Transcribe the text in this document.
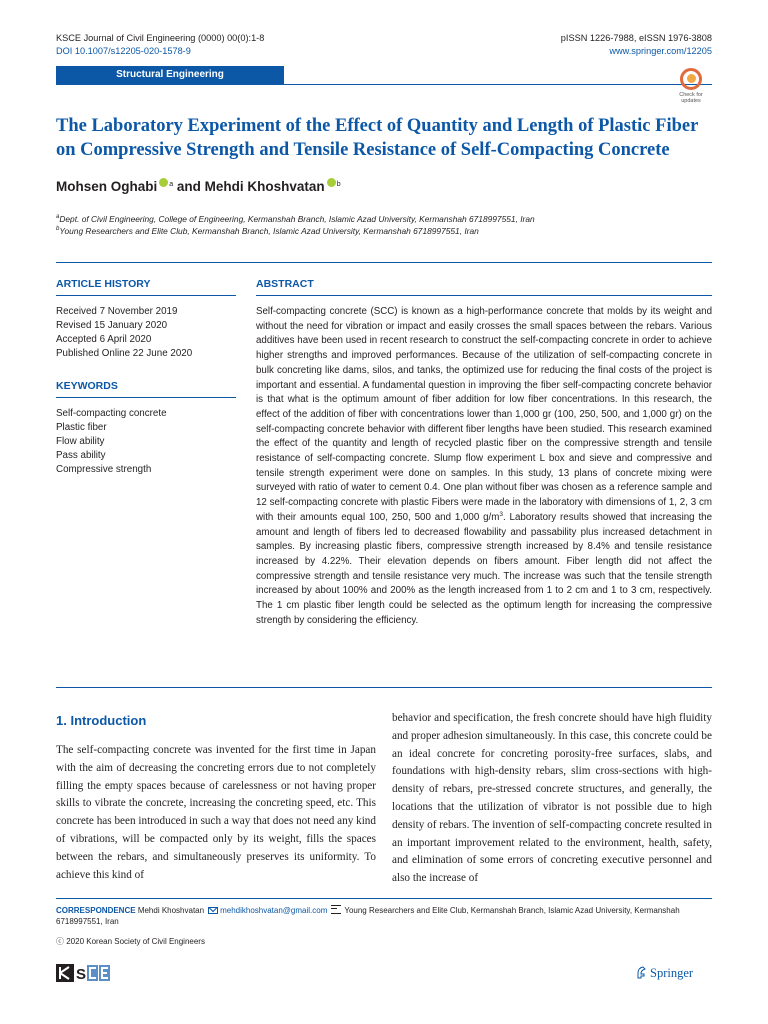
KSCE Journal of Civil Engineering (0000) 00(0):1-8
DOI 10.1007/s12205-020-1578-9
pISSN 1226-7988, eISSN 1976-3808
www.springer.com/12205
Structural Engineering
Check for
updates
The Laboratory Experiment of the Effect of Quantity and Length of Plastic Fiber
on Compressive Strength and Tensile Resistance of Self-Compacting Concrete
Mohsen Oghabi $^a$ and Mehdi Khoshvatan $^b$
$^a$Dept. of Civil Engineering, College of Engineering, Kermanshah Branch, Islamic Azad University, Kermanshah 6718997551, Iran
$^b$Young Researchers and Elite Club, Kermanshah Branch, Islamic Azad University, Kermanshah 6718997551, Iran
ARTICLE HISTORY
Received 7 November 2019
Revised 15 January 2020
Accepted 6 April 2020
Published Online 22 June 2020
KEYWORDS
Self-compacting concrete
Plastic fiber
Flow ability
Pass ability
Compressive strength
ABSTRACT

Self-compacting concrete (SCC) is known as a high-performance concrete that molds by its weight and without the need for vibration or impact and easily crosses the small spaces between the rebars. Various additives have been used in recent research to construct the self-compacting concrete in order to achieve higher strengths and improved performances. Because of the utilization of self-compacting concrete in bulk concreting like dams, silos, and tanks, the optimized use for reducing the final costs of the project is important and essential. A fundamental question in improving the fiber self-compacting concrete behavior is that what is the optimum amount of fiber addition for low fiber concentrations. In this research, the effect of the addition of fiber with concentrations lower than 1,000 gr (100, 250, 500, and 1,000 gr) on the self-compacting concrete behavior with different fiber lengths have been studied. This research examined the effect of the quantity and length of recycled plastic fiber on the compressive strength and tensile resistance of self-compacting concrete. Slump flow experiment L box and sieve and compressive and tensile strength experiment were done on samples. In this study, 13 plans of concrete mixing were surveyed with ratio of water to cement 0.4. One plan without fiber was chosen as a reference sample and 12 self-compacting concrete with plastic Fibers were made in the laboratory with dimensions of 1, 2, 3 cm with their amounts equal 100, 250, 500 and 1,000 $g/m^3$. Laboratory results showed that increasing the amount and length of fibers led to decreased flowability and passability plus increased detachment in samples. By increasing plastic fibers, compressive strength increased by 8.4% and tensile resistance increased by 4.22%. Their elevation depends on fibers amount. Fiber length did not affect the compressive strength and tensile resistance very much. The increase was such that the tensile strength increased by about 100% and 200% as the length increased from 1 to 2 cm and 1 to 3 cm, respectively. The 1 cm plastic fiber length could be selected as the optimum length for increasing the compressive strength by considering the efficiency.

1. Introduction

The self-compacting concrete was invented for the first time in Japan with the aim of decreasing the concreting errors due to not completely filling the empty spaces because of carelessness or not having proper skills to vibrate the concrete, increasing the concreting speed, etc. This concrete has been introduced in such a way that does not need any kind of vibrations, will be compacted only by its weight, fills the spaces between the rebars, and simultaneously preserves its uniformity. To achieve this kind of

behavior and specification, the fresh concrete should have high fluidity and proper adhesion simultaneously. In this case, this concrete could be an ideal concrete for concreting porosity-free surfaces, slabs, and foundations with high-density rebars, slim cross-sections with high-density of rebars, pre-stressed concrete structures, and generally, the locations that the utilization of vibrator is not possible due to high density of rebars. The invention of self-compacting concrete resulted in an important improvement related to the environment, health, safety, and elimination of some errors of concreting executive personnel and also the increase of

CORRESPONDENCE Mehdi Khoshvatan mehdikhoshvatan@gmail.com Young Researchers and Elite Club, Kermanshah Branch, Islamic Azad University, Kermanshah 6718997551, Iran
ⓒ 2020 Korean Society of Civil Engineers
S	Springer
